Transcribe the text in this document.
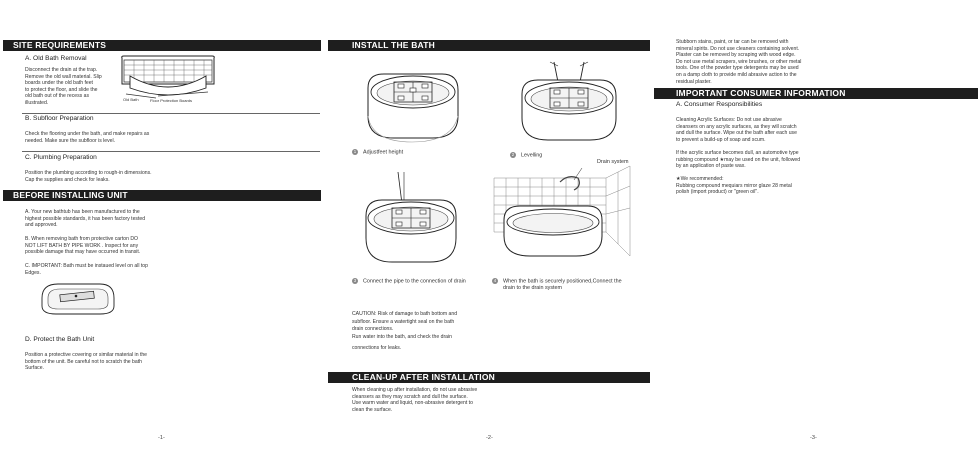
SITE REQUIREMENTS
A. Old Bath Removal
Disconnect the drain at the trap.
Remove the old wall material. Slip
boards under the old bath feet
to protect the floor, and slide the
old bath out of the recess as
illustrated.
Old Bath	Floor Protection Boards
B. Subfloor Preparation
Check the flooring under the bath, and make repairs as
needed. Make sure the subfloor is level.
C. Plumbing Preparation
Position the plumbing according to rough-in dimensions.
Cap the supplies and check for leaks.
BEFORE INSTALLING UNIT
A. Your new bathtub has been manufactured to the
highest possible standards, it has been factory tested
and approved.
B. When removing bath from protective carton DO
NOT LIFT BATH BY PIPE WORK . Inspect for any
possible damage that may have occurred in transit.
C. IMPORTANT: Bath must be instaued level on all top
Edges.
D. Protect the Bath Unit
Position a protective covering or similar material in the
bottom of the unit. Be careful not to scratch the bath
Surface.
-1-
INSTALL THE BATH
1 Adjustfeet height	2 Levelling
3 Connect the pipe to the connection of drain
Drain system
4 When the bath is securely positioned,Connect the
drain to the drain system
CAUTION: Risk of damage to bath bottom and
subfloor. Ensure a watertight seal on the bath
drain connections.
Run water into the bath, and check the drain
connections for leaks.
CLEAN-UP AFTER INSTALLATION
When cleaning up after installation, do not use abrasive
cleansers as they may scratch and dull the surface.
Use warm water and liquid, non-abrasive detergent to
clean the surface.
-2-
Stubborn stains, paint, or tar can be removed with
mineral spirits. Do not use cleaners containing solvent.
Plaster can be removed by scraping with wood edge.
Do not use metal scrapers, wire brushes, or other metal
tools. One of the powder type detergents may be used
on a damp cloth to provide mild abrasive action to the
residual plaster.
IMPORTANT CONSUMER INFORMATION
A. Consumer Responsibilities
Cleaning Acrylic Surfaces: Do not use abrasive
cleansers on any acrylic surfaces, as they will scratch
and dull the surface. Wipe out the bath after each use
to prevent a build-up of soap and scum.
If the acrylic surface becomes dull, an automotive type
rubbing compound ★may be used on the unit, followed
by an application of paste wax.
★We recommended:
Rubbing compound mequiars mirror glaze 28 metal
polish (import product) or "green oil".
-3-
